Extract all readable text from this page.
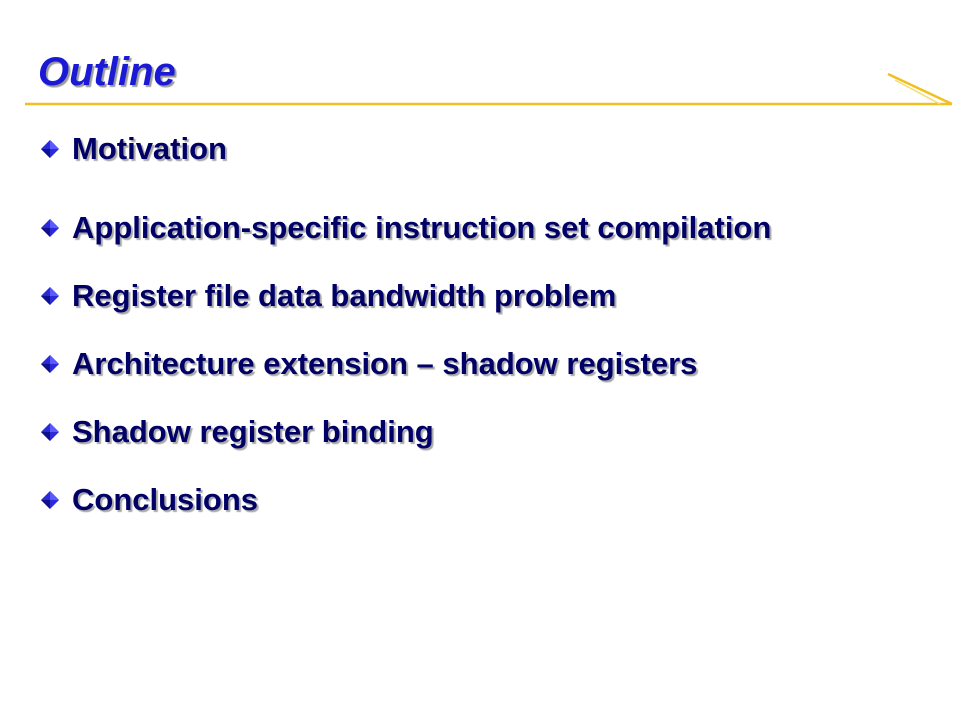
Outline
Motivation
Application-specific instruction set compilation
Register file data bandwidth problem
Architecture extension – shadow registers
Shadow register binding
Conclusions
